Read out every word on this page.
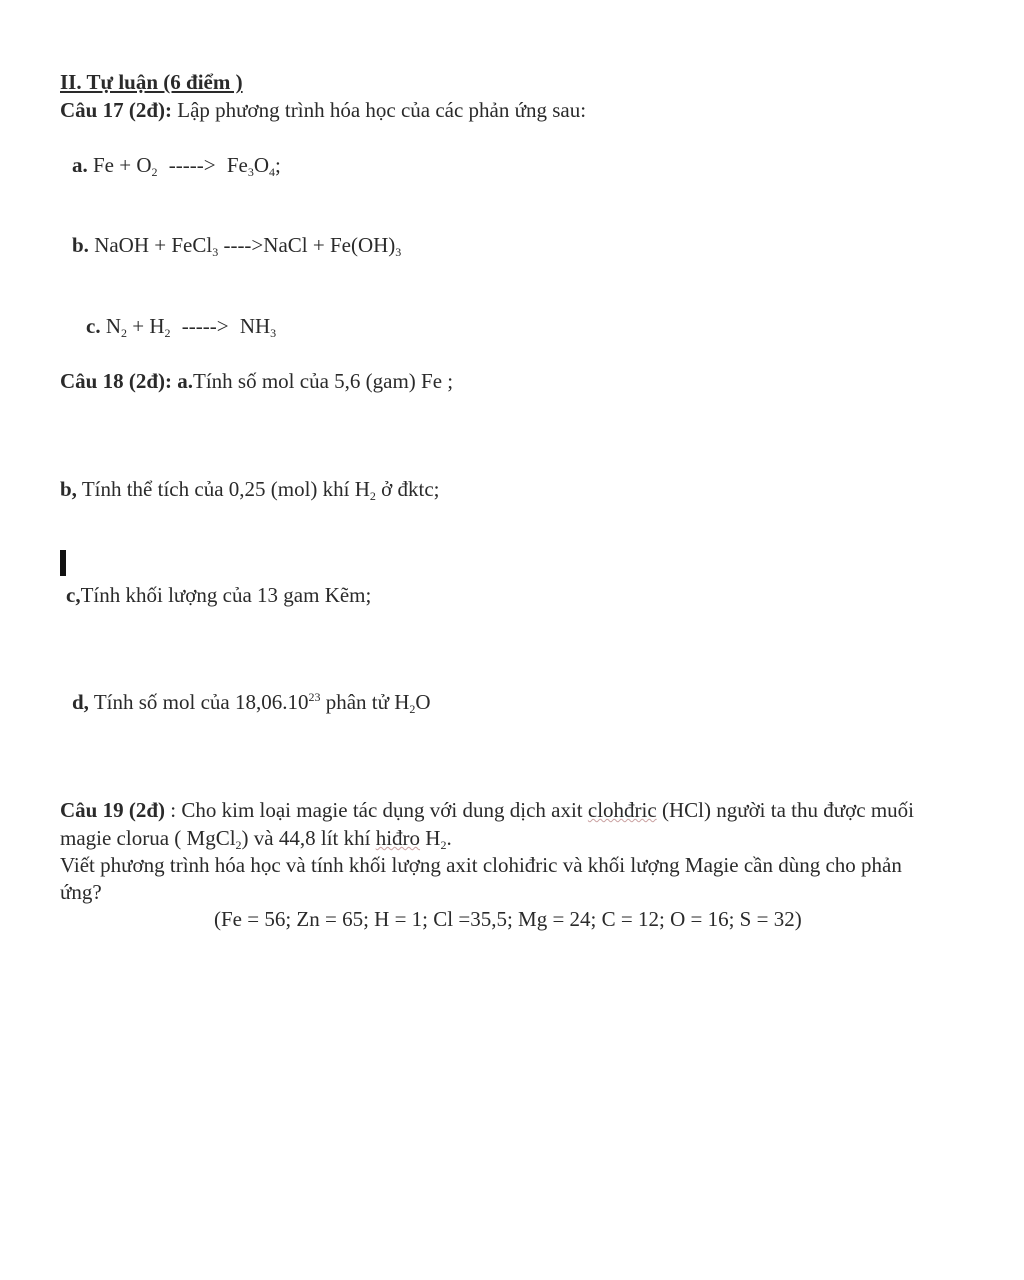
II. Tự luận (6 điểm )
Câu 17 (2đ): Lập phương trình hóa học của các phản ứng sau:
a. $Fe + O_2$ -----> $Fe_3O_4$;
b. NaOH + FeCl$_3$ ---->NaCl + $Fe(OH)_3$
c. $N_2 + H_2$ -----> $NH_3$
Câu 18 (2đ): a.Tính số mol của 5,6 (gam) Fe ;
b, Tính thể tích của 0,25 (mol) khí $H_2$ ở đktc;
c,Tính khối lượng của 13 gam Kẽm;
d, Tính số mol của 18,06.10$^{23}$ phân tử $H_2O$
Câu 19 (2đ) : Cho kim loại magie tác dụng với dung dịch axit clohđric (HCl) người ta thu được muối
magie clorua ( MgCl$_2$) và 44,8 lít khí hiđro $H_2$.
Viết phương trình hóa học và tính khối lượng axit clohiđric và khối lượng Magie cần dùng cho phản
ứng?
(Fe = 56; Zn = 65; H = 1; Cl =35,5; Mg = 24; C = 12; O = 16; S = 32)
